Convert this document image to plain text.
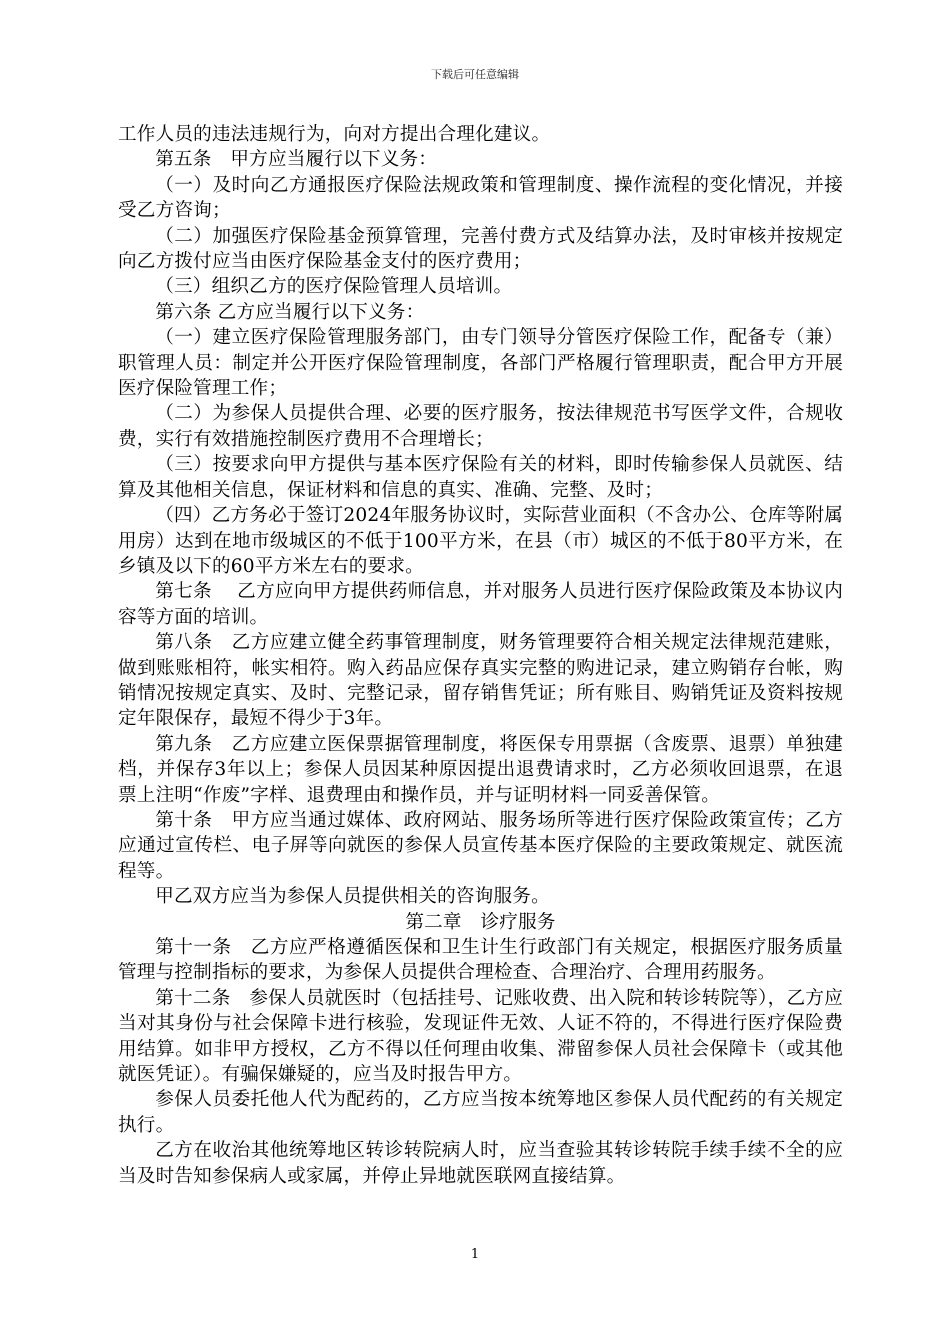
下载后可任意编辑

工作人员的违法违规行为，向对方提出合理化建议。

第五条　甲方应当履行以下义务：

（一）及时向乙方通报医疗保险法规政策和管理制度、操作流程的变化情况，并接受乙方咨询；

（二）加强医疗保险基金预算管理，完善付费方式及结算办法，及时审核并按规定向乙方拨付应当由医疗保险基金支付的医疗费用；

（三）组织乙方的医疗保险管理人员培训。

第六条 乙方应当履行以下义务：

（一）建立医疗保险管理服务部门，由专门领导分管医疗保险工作，配备专（兼）职管理人员：制定并公开医疗保险管理制度，各部门严格履行管理职责，配合甲方开展医疗保险管理工作；

（二）为参保人员提供合理、必要的医疗服务，按法律规范书写医学文件，合规收费，实行有效措施控制医疗费用不合理增长；

（三）按要求向甲方提供与基本医疗保险有关的材料，即时传输参保人员就医、结算及其他相关信息，保证材料和信息的真实、准确、完整、及时；

（四）乙方务必于签订2024年服务协议时，实际营业面积（不含办公、仓库等附属用房）达到在地市级城区的不低于100平方米，在县（市）城区的不低于80平方米，在乡镇及以下的60平方米左右的要求。

第七条　 乙方应向甲方提供药师信息，并对服务人员进行医疗保险政策及本协议内容等方面的培训。

第八条　乙方应建立健全药事管理制度，财务管理要符合相关规定法律规范建账，做到账账相符，帐实相符。购入药品应保存真实完整的购进记录，建立购销存台帐，购销情况按规定真实、及时、完整记录，留存销售凭证；所有账目、购销凭证及资料按规定年限保存，最短不得少于3年。

第九条　乙方应建立医保票据管理制度，将医保专用票据（含废票、退票）单独建档，并保存3年以上；参保人员因某种原因提出退费请求时，乙方必须收回退票，在退票上注明“作废”字样、退费理由和操作员，并与证明材料一同妥善保管。

第十条　甲方应当通过媒体、政府网站、服务场所等进行医疗保险政策宣传；乙方应通过宣传栏、电子屏等向就医的参保人员宣传基本医疗保险的主要政策规定、就医流程等。

甲乙双方应当为参保人员提供相关的咨询服务。

第二章　诊疗服务

第十一条　乙方应严格遵循医保和卫生计生行政部门有关规定，根据医疗服务质量管理与控制指标的要求，为参保人员提供合理检查、合理治疗、合理用药服务。

第十二条　参保人员就医时（包括挂号、记账收费、出入院和转诊转院等），乙方应当对其身份与社会保障卡进行核验，发现证件无效、人证不符的，不得进行医疗保险费用结算。如非甲方授权，乙方不得以任何理由收集、滞留参保人员社会保障卡（或其他就医凭证）。有骗保嫌疑的，应当及时报告甲方。

参保人员委托他人代为配药的，乙方应当按本统筹地区参保人员代配药的有关规定执行。

乙方在收治其他统筹地区转诊转院病人时，应当查验其转诊转院手续手续不全的应当及时告知参保病人或家属，并停止异地就医联网直接结算。

1
